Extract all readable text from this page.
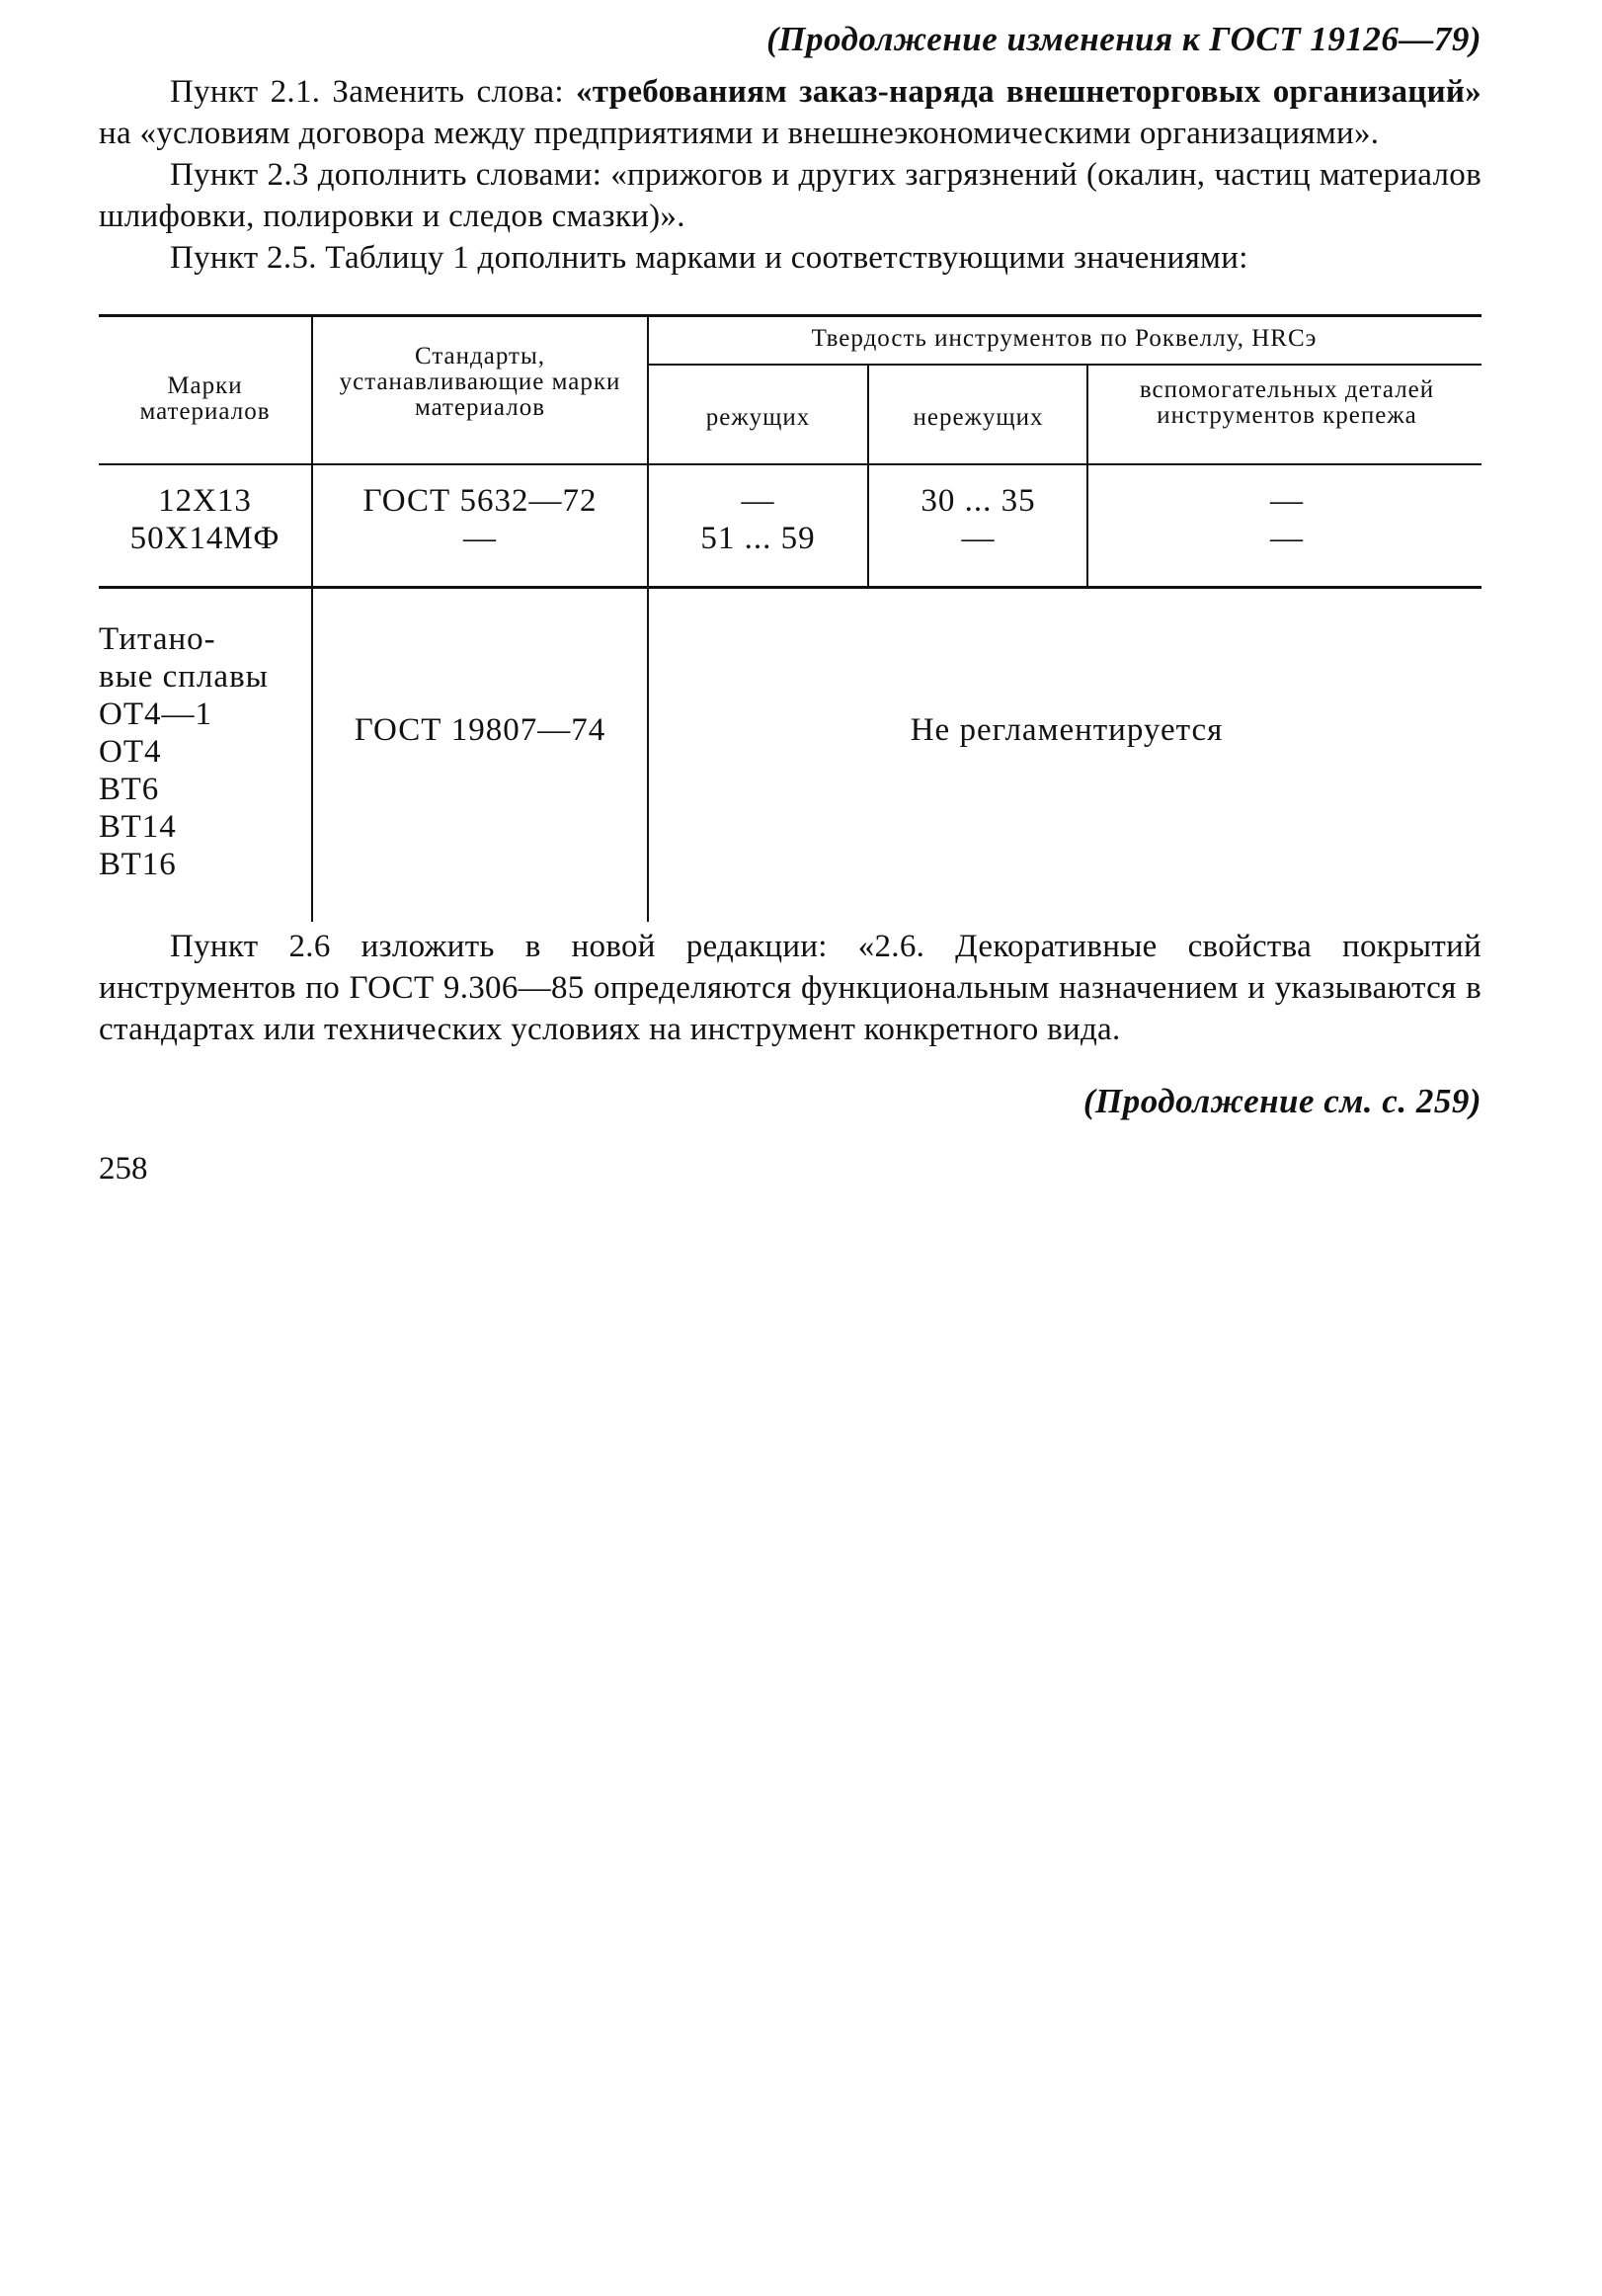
(Продолжение изменения к ГОСТ 19126—79)

Пункт 2.1. Заменить слова: «требованиям заказ-наряда внешнеторговых организаций» на «условиям договора между предприятиями и внешнеэкономическими организациями».

Пункт 2.3 дополнить словами: «прижогов и других загрязнений (окалин, частиц материалов шлифовки, полировки и следов смазки)».

Пункт 2.5. Таблицу 1 дополнить марками и соответствующими значениями:

Марки материалов
Стандарты, устанавливающие марки материалов
Твердость инструментов по Роквеллу, HRCэ
режущих	нережущих
вспомогательных деталей инструментов крепежа
12Х13
50Х14МФ
ГОСТ 5632—72
—
—
51 ... 59
30 ... 35
—
—
—
Титано-
вые сплавы
ОТ4—1
ОТ4
ВТ6
ВТ14
ВТ16
ГОСТ 19807—74	Не регламентируется

Пункт 2.6 изложить в новой редакции: «2.6. Декоративные свойства покрытий инструментов по ГОСТ 9.306—85 определяются функциональным назначением и указываются в стандартах или технических условиях на инструмент конкретного вида.

(Продолжение см. с. 259)
258
